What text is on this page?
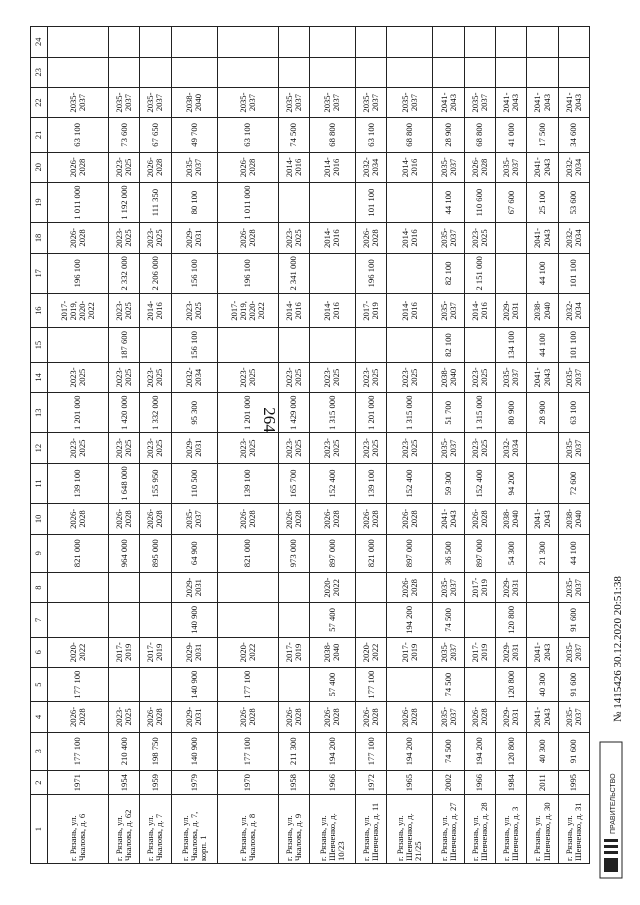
264
1	2	3	4	5	6	7	8	9	10	11	12	13	14	15	16	17	18	19	20	21	22	23	24
г. Рязань, ул. Чкалова, д. 6	1971	177 100	2026-2028	177 100	2020-2022			821 000	2026-2028	139 100	2023-2025	1 201 000	2023-2025		2017-2019, 2020-2022	196 100	2026-2028	1 011 000	2026-2028	63 100	2035-2037		
г. Рязань, ул. Чкалова, д. 62	1954	210 400	2023-2025		2017-2019			964 000	2026-2028	1 648 000	2023-2025	1 420 000	2023-2025	187 600	2023-2025	2 332 000	2023-2025	1 192 000	2023-2025	73 600	2035-2037		
г. Рязань, ул. Чкалова, д. 7	1959	198 750	2026-2028		2017-2019			895 000	2026-2028	155 950	2023-2025	1 332 000	2023-2025		2014-2016	2 206 000	2023-2025	111 350	2026-2028	67 650	2035-2037		
г. Рязань, ул. Чкалова, д. 7, корп. 1	1979	140 900	2029-2031	140 900	2029-2031	140 900	2029-2031	64 900	2035-2037	110 500	2029-2031	95 300	2032-2034	156 100	2023-2025	156 100	2029-2031	80 100	2035-2037	49 700	2038-2040		
г. Рязань, ул. Чкалова, д. 8	1970	177 100	2026-2028	177 100	2020-2022			821 000	2026-2028	139 100	2023-2025	1 201 000	2023-2025		2017-2019, 2020-2022	196 100	2026-2028	1 011 000	2026-2028	63 100	2035-2037		
г. Рязань, ул. Чкалова, д. 9	1958	211 300	2026-2028		2017-2019			973 000	2026-2028	165 700	2023-2025	1 429 000	2023-2025		2014-2016	2 341 000	2023-2025		2014-2016	74 500	2035-2037		
г. Рязань, ул. Шевченко, д. 10/23	1966	194 200	2026-2028	57 400	2038-2040	57 400	2020-2022	897 000	2026-2028	152 400	2023-2025	1 315 000	2023-2025		2014-2016		2014-2016		2014-2016	68 800	2035-2037		
г. Рязань, ул. Шевченко, д. 11	1972	177 100	2026-2028	177 100	2020-2022			821 000	2026-2028	139 100	2023-2025	1 201 000	2023-2025		2017-2019	196 100	2026-2028	101 100	2032-2034	63 100	2035-2037		
г. Рязань, ул. Шевченко, д. 21/25	1965	194 200	2026-2028		2017-2019	194 200	2026-2028	897 000	2026-2028	152 400	2023-2025	1 315 000	2023-2025		2014-2016		2014-2016		2014-2016	68 800	2035-2037		
г. Рязань, ул. Шевченко, д. 27	2002	74 500	2035-2037	74 500	2035-2037	74 500	2035-2037	36 500	2041-2043	59 300	2035-2037	51 700	2038-2040	82 100	2035-2037	82 100	2035-2037	44 100	2035-2037	28 900	2041-2043		
г. Рязань, ул. Шевченко, д. 28	1966	194 200	2026-2028		2017-2019		2017-2019	897 000	2026-2028	152 400	2023-2025	1 315 000	2023-2025		2014-2016	2 151 000	2023-2025	110 600	2026-2028	68 800	2035-2037		
г. Рязань, ул. Шевченко, д. 3	1984	120 800	2029-2031	120 800	2029-2031	120 800	2029-2031	54 300	2038-2040	94 200	2032-2034	80 900	2035-2037	134 100	2029-2031			67 600	2035-2037	41 000	2041-2043		
г. Рязань, ул. Шевченко, д. 30	2011	40 300	2041-2043	40 300	2041-2043			21 300	2041-2043			28 900	2041-2043	44 100	2038-2040	44 100	2041-2043	25 100	2041-2043	17 500	2041-2043		
г. Рязань, ул. Шевченко, д. 31	1995	91 600	2035-2037	91 600	2035-2037	91 600	2035-2037	44 100	2038-2040	72 600	2035-2037	63 100	2035-2037	101 100	2032-2034	101 100	2032-2034	53 600	2032-2034	34 600	2041-2043		
№ 1415426 30.12.2020 20:51:38
ПРАВИТЕЛЬСТВО
